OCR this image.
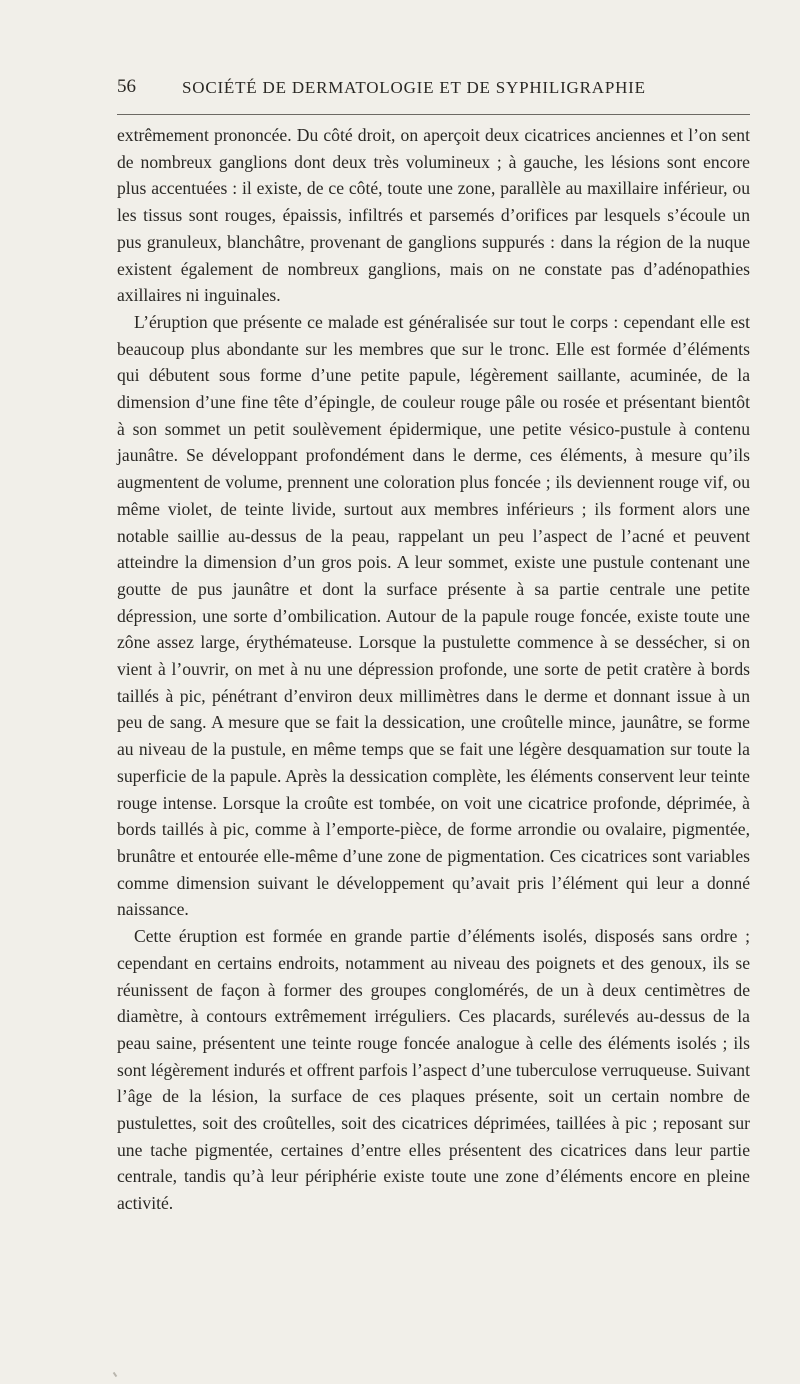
56	SOCIÉTÉ DE DERMATOLOGIE ET DE SYPHILIGRAPHIE

extrêmement prononcée. Du côté droit, on aperçoit deux cicatrices anciennes et l’on sent de nombreux ganglions dont deux très volumineux ; à gauche, les lésions sont encore plus accentuées : il existe, de ce côté, toute une zone, parallèle au maxillaire inférieur, ou les tissus sont rouges, épaissis, infiltrés et parsemés d’orifices par lesquels s’écoule un pus granuleux, blanchâtre, provenant de ganglions suppurés : dans la région de la nuque existent également de nombreux ganglions, mais on ne constate pas d’adénopathies axillaires ni inguinales.

L’éruption que présente ce malade est généralisée sur tout le corps : cependant elle est beaucoup plus abondante sur les membres que sur le tronc. Elle est formée d’éléments qui débutent sous forme d’une petite papule, légèrement saillante, acuminée, de la dimension d’une fine tête d’épingle, de couleur rouge pâle ou rosée et présentant bientôt à son sommet un petit soulèvement épidermique, une petite vésico-pustule à contenu jaunâtre. Se développant profondément dans le derme, ces éléments, à mesure qu’ils augmentent de volume, prennent une coloration plus foncée ; ils deviennent rouge vif, ou même violet, de teinte livide, surtout aux membres inférieurs ; ils forment alors une notable saillie au-dessus de la peau, rappelant un peu l’aspect de l’acné et peuvent atteindre la dimension d’un gros pois. A leur sommet, existe une pustule contenant une goutte de pus jaunâtre et dont la surface présente à sa partie centrale une petite dépression, une sorte d’ombilication. Autour de la papule rouge foncée, existe toute une zône assez large, érythémateuse. Lorsque la pustulette commence à se dessécher, si on vient à l’ouvrir, on met à nu une dépression profonde, une sorte de petit cratère à bords taillés à pic, pénétrant d’environ deux millimètres dans le derme et donnant issue à un peu de sang. A mesure que se fait la dessication, une croûtelle mince, jaunâtre, se forme au niveau de la pustule, en même temps que se fait une légère desquamation sur toute la superficie de la papule. Après la dessication complète, les éléments conservent leur teinte rouge intense. Lorsque la croûte est tombée, on voit une cicatrice profonde, déprimée, à bords taillés à pic, comme à l’emporte-pièce, de forme arrondie ou ovalaire, pigmentée, brunâtre et entourée elle-même d’une zone de pigmentation. Ces cicatrices sont variables comme dimension suivant le développement qu’avait pris l’élément qui leur a donné naissance.

Cette éruption est formée en grande partie d’éléments isolés, disposés sans ordre ; cependant en certains endroits, notamment au niveau des poignets et des genoux, ils se réunissent de façon à former des groupes conglomérés, de un à deux centimètres de diamètre, à contours extrêmement irréguliers. Ces placards, surélevés au-dessus de la peau saine, présentent une teinte rouge foncée analogue à celle des éléments isolés ; ils sont légèrement indurés et offrent parfois l’aspect d’une tuberculose verruqueuse. Suivant l’âge de la lésion, la surface de ces plaques présente, soit un certain nombre de pustulettes, soit des croûtelles, soit des cicatrices déprimées, taillées à pic ; reposant sur une tache pigmentée, certaines d’entre elles présentent des cicatrices dans leur partie centrale, tandis qu’à leur périphérie existe toute une zone d’éléments encore en pleine activité.
